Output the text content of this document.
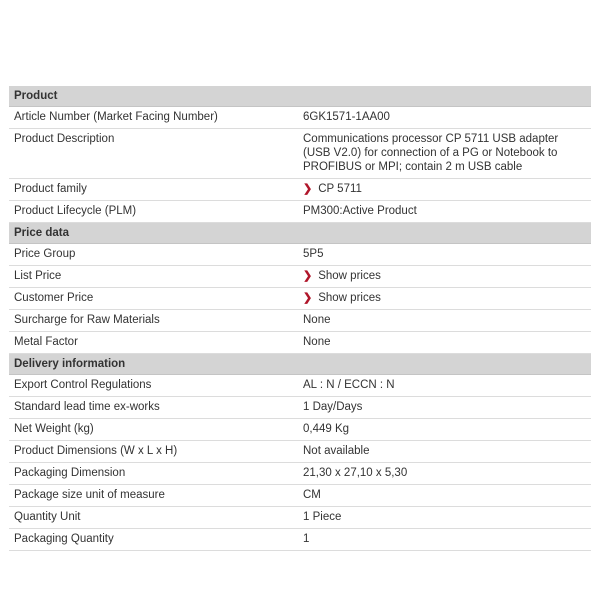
Product	
Article Number (Market Facing Number)	6GK1571-1AA00
Product Description	Communications processor CP 5711 USB adapter (USB V2.0) for connection of a PG or Notebook to PROFIBUS or MPI; contain 2 m USB cable
Product family	❯ CP 5711
Product Lifecycle (PLM)	PM300:Active Product
Price data	
Price Group	5P5
List Price	❯ Show prices
Customer Price	❯ Show prices
Surcharge for Raw Materials	None
Metal Factor	None
Delivery information	
Export Control Regulations	AL : N / ECCN : N
Standard lead time ex-works	1 Day/Days
Net Weight (kg)	0,449 Kg
Product Dimensions (W x L x H)	Not available
Packaging Dimension	21,30 x 27,10 x 5,30
Package size unit of measure	CM
Quantity Unit	1 Piece
Packaging Quantity	1
